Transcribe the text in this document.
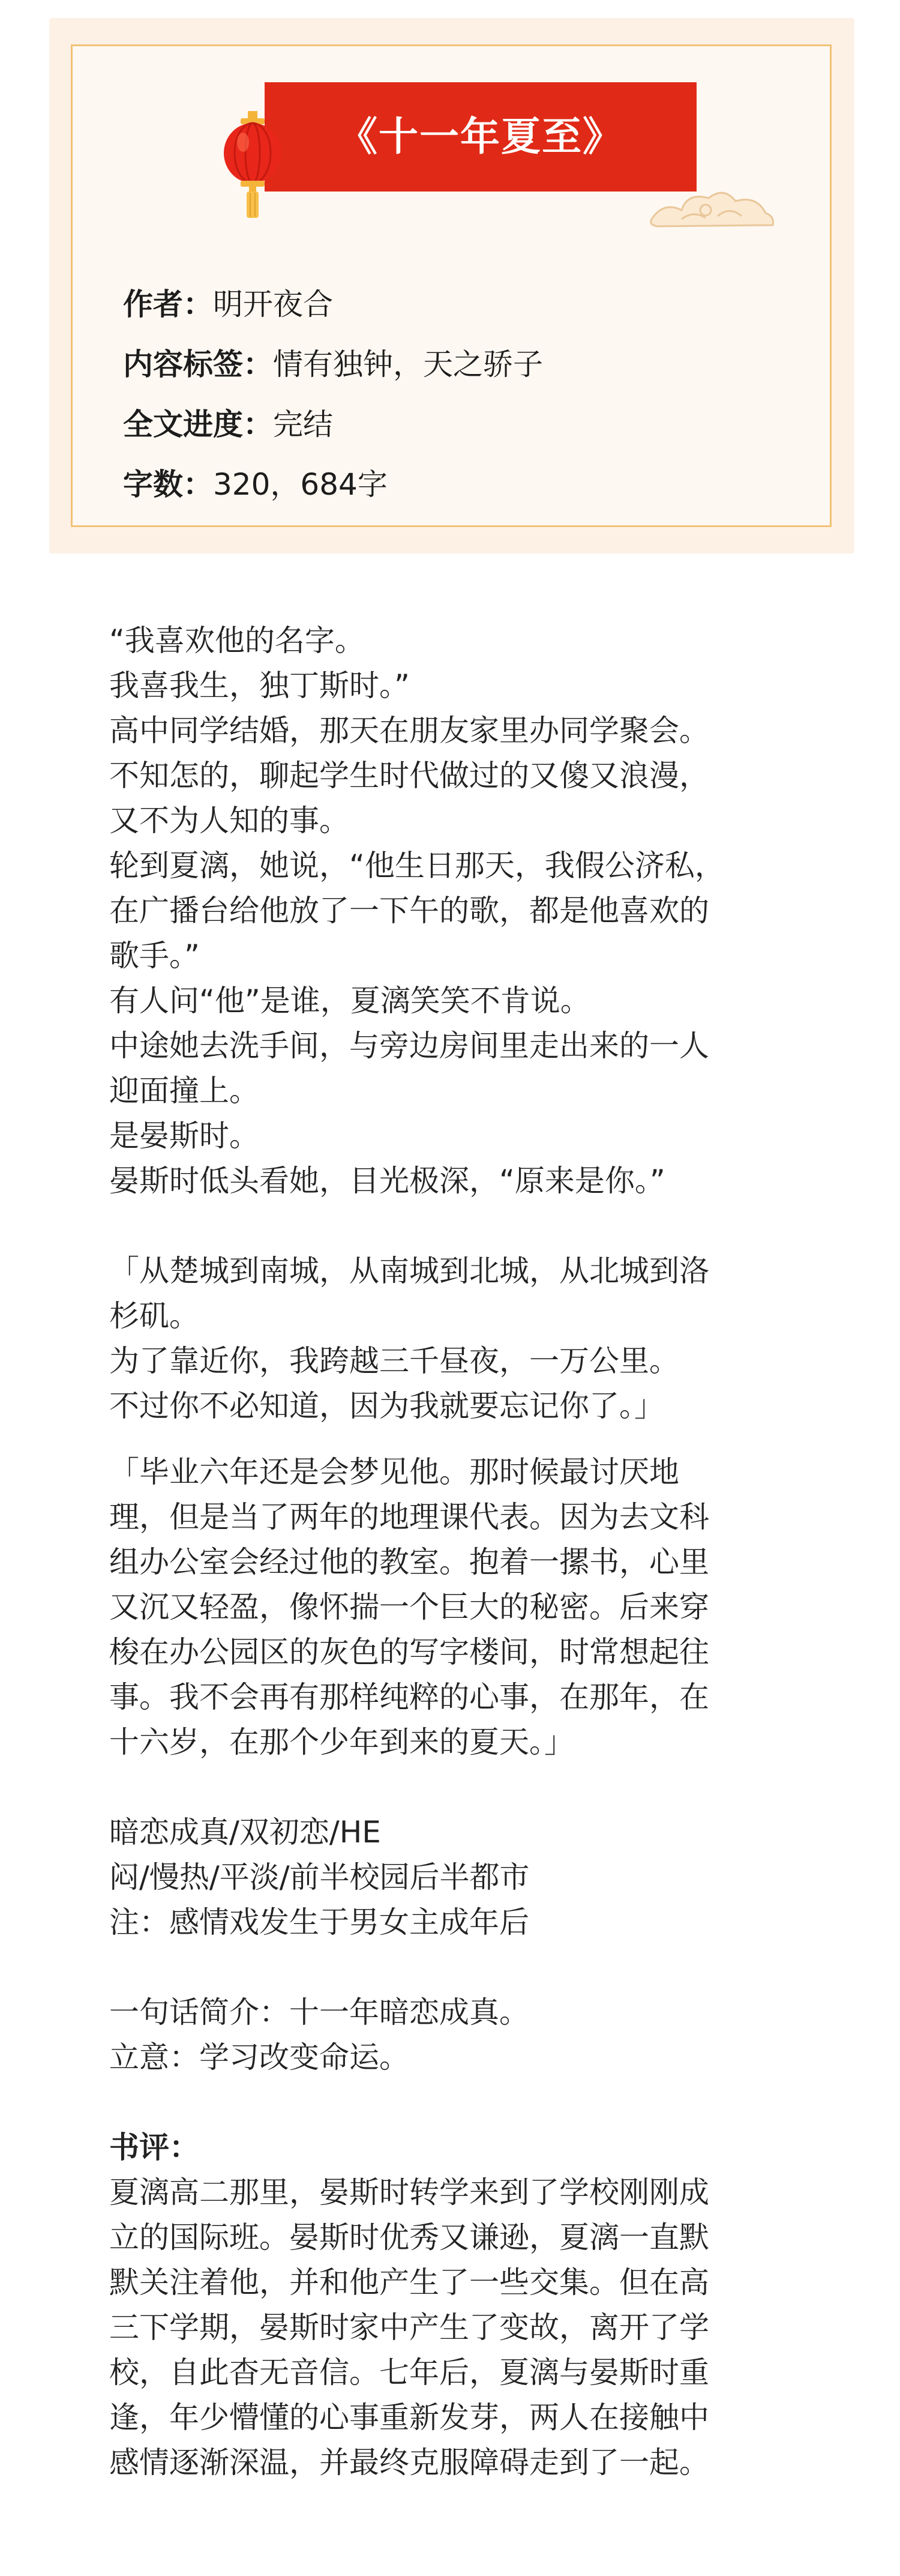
《十一年夏至》
作者：明开夜合
内容标签：情有独钟，天之骄子
全文进度：完结
字数：320，684字

“我喜欢他的名字。

我喜我生，独丁斯时。”

高中同学结婚，那天在朋友家里办同学聚会。

不知怎的，聊起学生时代做过的又傻又浪漫，

又不为人知的事。

轮到夏漓，她说，“他生日那天，我假公济私，

在广播台给他放了一下午的歌，都是他喜欢的

歌手。”

有人问“他”是谁，夏漓笑笑不肯说。

中途她去洗手间，与旁边房间里走出来的一人

迎面撞上。

是晏斯时。

晏斯时低头看她，目光极深，“原来是你。”

「从楚城到南城，从南城到北城，从北城到洛

杉矶。

为了靠近你，我跨越三千昼夜，一万公里。

不过你不必知道，因为我就要忘记你了。」

「毕业六年还是会梦见他。那时候最讨厌地

理，但是当了两年的地理课代表。因为去文科

组办公室会经过他的教室。抱着一摞书，心里

又沉又轻盈，像怀揣一个巨大的秘密。后来穿

梭在办公园区的灰色的写字楼间，时常想起往

事。我不会再有那样纯粹的心事，在那年，在

十六岁，在那个少年到来的夏天。」

暗恋成真/双初恋/HE

闷/慢热/平淡/前半校园后半都市

注：感情戏发生于男女主成年后

一句话简介：十一年暗恋成真。

立意：学习改变命运。

书评：

夏漓高二那里，晏斯时转学来到了学校刚刚成

立的国际班。晏斯时优秀又谦逊，夏漓一直默

默关注着他，并和他产生了一些交集。但在高

三下学期，晏斯时家中产生了变故，离开了学

校，自此杳无音信。七年后，夏漓与晏斯时重

逢，年少懵懂的心事重新发芽，两人在接触中

感情逐渐深温，并最终克服障碍走到了一起。
